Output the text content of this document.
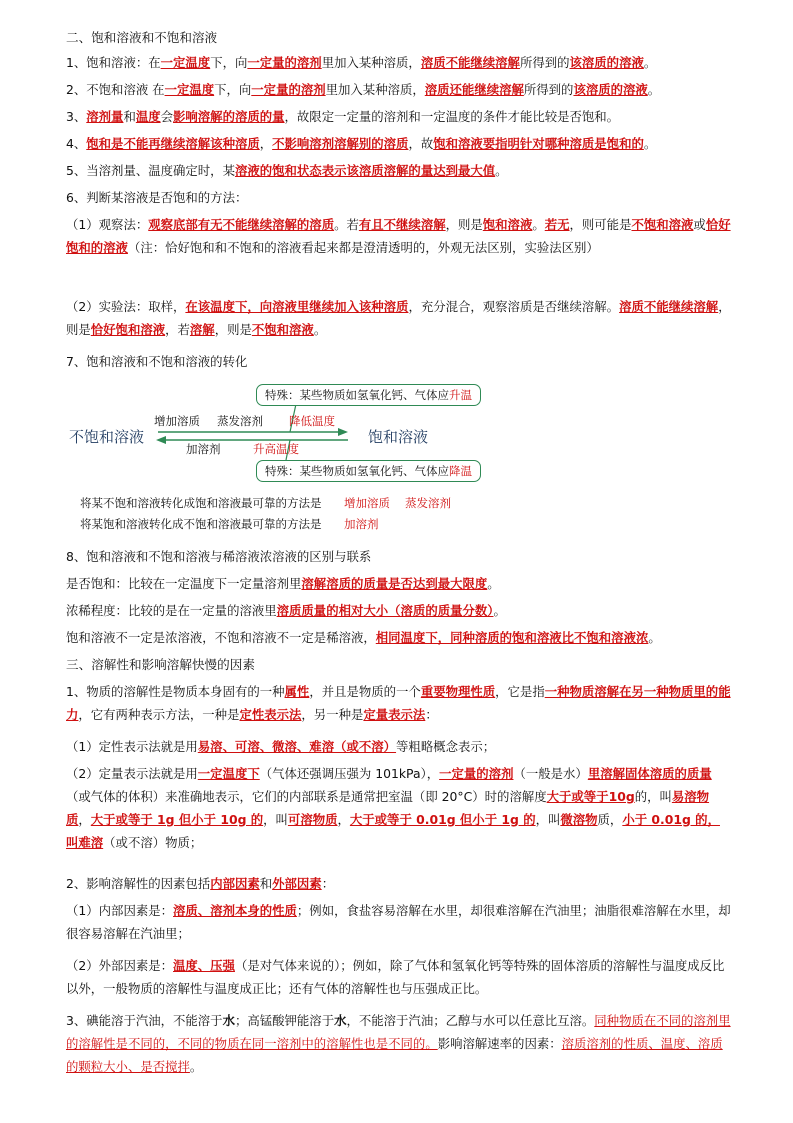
二、饱和溶液和不饱和溶液
1、饱和溶液：在一定温度下，向一定量的溶剂里加入某种溶质，溶质不能继续溶解所得到的该溶质的溶液。
2、不饱和溶液 在一定温度下，向一定量的溶剂里加入某种溶质，溶质还能继续溶解所得到的该溶质的溶液。
3、溶剂量和温度会影响溶解的溶质的量，故限定一定量的溶剂和一定温度的条件才能比较是否饱和。
4、饱和是不能再继续溶解该种溶质，不影响溶剂溶解别的溶质，故饱和溶液要指明针对哪种溶质是饱和的。
5、当溶剂量、温度确定时，某溶液的饱和状态表示该溶质溶解的量达到最大值。
6、判断某溶液是否饱和的方法：
（1）观察法：观察底部有无不能继续溶解的溶质。若有且不继续溶解，则是饱和溶液。若无，则可能是不饱和溶液或恰好饱和的溶液（注：恰好饱和和不饱和的溶液看起来都是澄清透明的，外观无法区别，实验法区别）
（2）实验法：取样，在该温度下，向溶液里继续加入该种溶质，充分混合，观察溶质是否继续溶解。溶质不能继续溶解，则是恰好饱和溶液，若溶解，则是不饱和溶液。
7、饱和溶液和不饱和溶液的转化
特殊：某些物质如氢氧化钙、气体应升温
增加溶质 蒸发溶剂 降低温度
不饱和溶液	饱和溶液
加溶剂	升高温度
特殊：某些物质如氢氧化钙、气体应降温
将某不饱和溶液转化成饱和溶液最可靠的方法是 增加溶质 蒸发溶剂
将某饱和溶液转化成不饱和溶液最可靠的方法是 加溶剂
8、饱和溶液和不饱和溶液与稀溶液浓溶液的区别与联系
是否饱和：比较在一定温度下一定量溶剂里溶解溶质的质量是否达到最大限度。
浓稀程度：比较的是在一定量的溶液里溶质质量的相对大小（溶质的质量分数）。
饱和溶液不一定是浓溶液，不饱和溶液不一定是稀溶液，相同温度下，同种溶质的饱和溶液比不饱和溶液浓。
三、溶解性和影响溶解快慢的因素
1、物质的溶解性是物质本身固有的一种属性，并且是物质的一个重要物理性质，它是指一种物质溶解在另一种物质里的能力，它有两种表示方法，一种是定性表示法，另一种是定量表示法：
（1）定性表示法就是用易溶、可溶、微溶、难溶（或不溶）等粗略概念表示；
（2）定量表示法就是用一定温度下（气体还强调压强为 101kPa），一定量的溶剂（一般是水）里溶解固体溶质的质量（或气体的体积）来准确地表示，它们的内部联系是通常把室温（即 20°C）时的溶解度大于或等于10g的，叫易溶物质，大于或等于 1g 但小于 10g 的，叫可溶物质，大于或等于 0.01g 但小于 1g 的，叫微溶物质，小于 0.01g 的，叫难溶（或不溶）物质；
2、影响溶解性的因素包括内部因素和外部因素：
（1）内部因素是：溶质、溶剂本身的性质；例如，食盐容易溶解在水里，却很难溶解在汽油里；油脂很难溶解在水里，却很容易溶解在汽油里；
（2）外部因素是：温度、压强（是对气体来说的）；例如，除了气体和氢氧化钙等特殊的固体溶质的溶解性与温度成反比以外，一般物质的溶解性与温度成正比；还有气体的溶解性也与压强成正比。
3、碘能溶于汽油，不能溶于水；高锰酸钾能溶于水，不能溶于汽油；乙醇与水可以任意比互溶。同种物质在不同的溶剂里的溶解性是不同的，不同的物质在同一溶剂中的溶解性也是不同的。影响溶解速率的因素：溶质溶剂的性质、温度、溶质的颗粒大小、是否搅拌。
